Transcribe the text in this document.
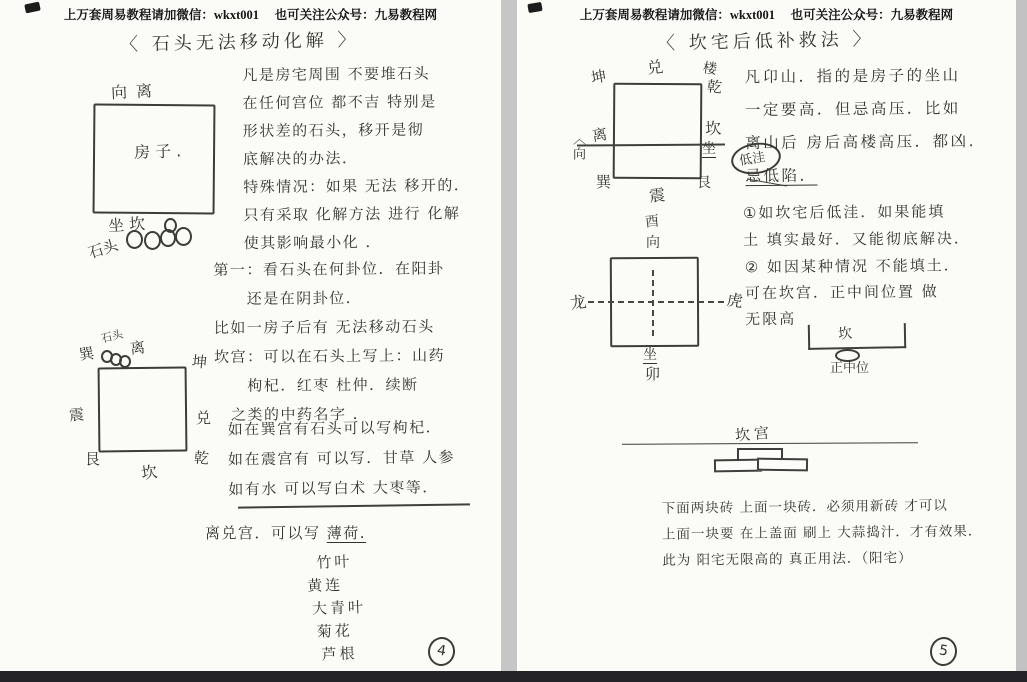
上万套周易教程请加微信：wkxt001　 也可关注公众号：九易教程网
〈 石头无法移动化解 〉
向离
房子.
坐坎
石头
凡是房宅周围 不要堆石头
在任何宫位 都不吉 特别是
形状差的石头，移开是彻
底解决的办法．
特殊情况：如果 无法 移开的．
只有采取 化解方法 进行 化解
使其影响最小化 ．
第一：看石头在何卦位．在阳卦
　　还是在阴卦位．
比如一房子后有 无法移动石头
坎宫：可以在石头上写上：山药
　　枸杞．红枣 杜仲．续断
　之类的中药名字 ．
如在巽宫有石头可以写枸杞．
如在震宫有 可以写．甘草 人参
如有水 可以写白术 大枣等．
离兑宫．可以写 薄荷.
巽
石头
离
坤
震	兑
艮
坎
乾
竹叶
黄连
大青叶
菊花
芦根	4
上万套周易教程请加微信：wkxt001　 也可关注公众号：九易教程网
〈 坎宅后低补救法 〉
坤 兑	楼
乾
离
〈向
坎
坐
巽
震
艮
低洼
凡卬山．指的是房子的坐山
一定要高．但忌高压．比如
离山后 房后高楼高压．都凶.
忌低陷．
①如坎宅后低洼．如果能填
土 填实最好．又能彻底解决．
② 如因某种情况 不能填土．
可在坎宫．正中间位置 做
无限高
坎
正中位
酉
向
龙	虎
坐
卯
坎宫
下面两块砖 上面一块砖．必须用新砖 才可以
上面一块要 在上盖面 刷上 大蒜捣汁．才有效果．
此为 阳宅无限高的 真正用法．（阳宅）
5
